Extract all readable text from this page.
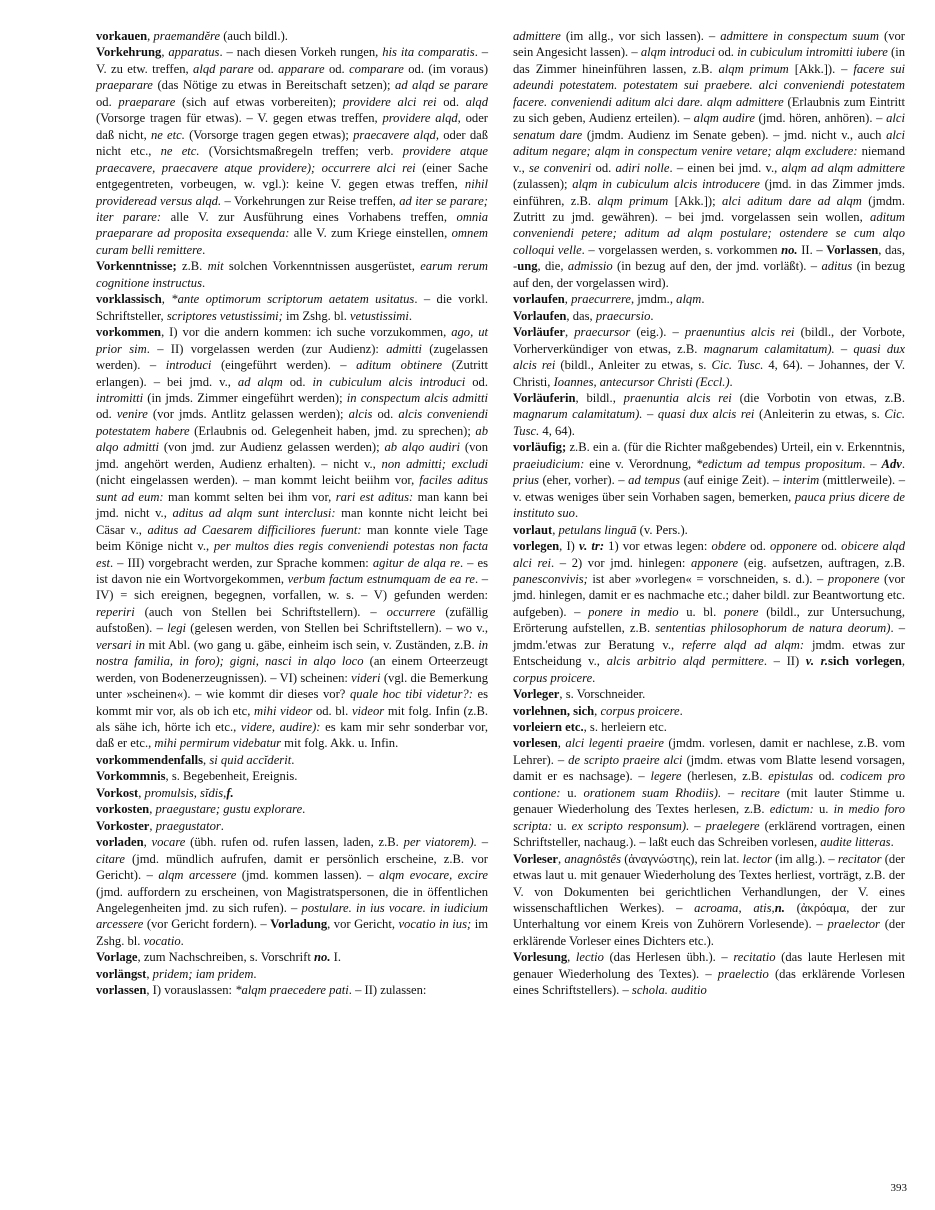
vorkauen, praemandĕre (auch bildl.).

Vorkehrung, apparatus. – nach diesen Vorkeh rungen, his ita comparatis. – V. zu etw. treffen, alqd parare od. apparare od. comparare od. (im voraus) praeparare (das Nötige zu etwas in Bereitschaft setzen); ad alqd se parare od. praeparare (sich auf etwas vorbereiten); providere alci rei od. alqd (Vorsorge tragen für etwas). – V. gegen etwas treffen, providere alqd, oder daß nicht, ne etc. (Vorsorge tragen gegen etwas); praecavere alqd, oder daß nicht etc., ne etc. (Vorsichtsmaßregeln treffen; verb. providere atque praecavere, praecavere atque providere); occurrere alci rei (einer Sache entgegentreten, vorbeugen, w. vgl.): keine V. gegen etwas treffen, nihil provideread versus alqd. – Vorkehrungen zur Reise treffen, ad iter se parare; iter parare: alle V. zur Ausführung eines Vorhabens treffen, omnia praeparare ad proposita exsequenda: alle V. zum Kriege einstellen, omnem curam belli remittere.

Vorkenntnisse; z.B. mit solchen Vorkenntnissen ausgerüstet, earum rerum cognitione instructus.

vorklassisch, *ante optimorum scriptorum aetatem usitatus. – die vorkl. Schriftsteller, scriptores vetustissimi; im Zshg. bl. vetustissimi.

vorkommen, I) vor die andern kommen: ich suche vorzukommen, ago, ut prior sim. – II) vorgelassen werden (zur Audienz): admitti (zugelassen werden). – introduci (eingeführt werden). – aditum obtinere (Zutritt erlangen). – bei jmd. v., ad alqm od. in cubiculum alcis introduci od. intromitti (in jmds. Zimmer eingeführt werden); in conspectum alcis admitti od. venire (vor jmds. Antlitz gelassen werden); alcis od. alcis conveniendi potestatem habere (Erlaubnis od. Gelegenheit haben, jmd. zu sprechen); ab alqo admitti (von jmd. zur Audienz gelassen werden); ab alqo audiri (von jmd. angehört werden, Audienz erhalten). – nicht v., non admitti; excludi (nicht eingelassen werden). – man kommt leicht beiihm vor, faciles aditus sunt ad eum: man kommt selten bei ihm vor, rari est aditus: man kann bei jmd. nicht v., aditus ad alqm sunt interclusi: man konnte nicht leicht bei Cäsar v., aditus ad Caesarem difficiliores fuerunt: man konnte viele Tage beim Könige nicht v., per multos dies regis conveniendi potestas non facta est. – III) vorgebracht werden, zur Sprache kommen: agitur de alqa re. – es ist davon nie ein Wortvorgekommen, verbum factum estnumquam de ea re. – IV) = sich ereignen, begegnen, vorfallen, w. s. – V) gefunden werden: reperiri (auch von Stellen bei Schriftstellern). – occurrere (zufällig aufstoßen). – legi (gelesen werden, von Stellen bei Schriftstellern). – wo v., versari in mit Abl. (wo gang u. gäbe, einheim isch sein, v. Zuständen, z.B. in nostra familia, in foro); gigni, nasci in alqo loco (an einem Orteerzeugt werden, von Bodenerzeugnissen). – VI) scheinen: videri (vgl. die Bemerkung unter »scheinen«). – wie kommt dir dieses vor? quale hoc tibi videtur?: es kommt mir vor, als ob ich etc, mihi videor od. bl. videor mit folg. Infin (z.B. als sähe ich, hörte ich etc., videre, audire): es kam mir sehr sonderbar vor, daß er etc., mihi permirum videbatur mit folg. Akk. u. Infin.

vorkommendenfalls, si quid accĭderit.

Vorkommnis, s. Begebenheit, Ereignis.

Vorkost, promulsis, sĭdis,f.

vorkosten, praegustare; gustu explorare.

Vorkoster, praegustator.

vorladen, vocare (übh. rufen od. rufen lassen, laden, z.B. per viatorem). – citare (jmd. mündlich aufrufen, damit er persönlich erscheine, z.B. vor Gericht). – alqm arcessere (jmd. kommen lassen). – alqm evocare, excire (jmd. auffordern zu erscheinen, von Magistratspersonen, die in öffentlichen Angelegenheiten jmd. zu sich rufen). – postulare. in ius vocare. in iudicium arcessere (vor Gericht fordern). – Vorladung, vor Gericht, vocatio in ius; im Zshg. bl. vocatio.

Vorlage, zum Nachschreiben, s. Vorschrift no. I.

vorlängst, pridem; iam pridem.

vorlassen, I) vorauslassen: *alqm praecedere pati. – II) zulassen:

admittere (im allg., vor sich lassen). – admittere in conspectum suum (vor sein Angesicht lassen). – alqm introduci od. in cubiculum intromitti iubere (in das Zimmer hineinführen lassen, z.B. alqm primum [Akk.]). – facere sui adeundi potestatem. potestatem sui praebere. alci conveniendi potestatem facere. conveniendi aditum alci dare. alqm admittere (Erlaubnis zum Eintritt zu sich geben, Audienz erteilen). – alqm audire (jmd. hören, anhören). – alci senatum dare (jmdm. Audienz im Senate geben). – jmd. nicht v., auch alci aditum negare; alqm in conspectum venire vetare; alqm excludere: niemand v., se conveniri od. adiri nolle. – einen bei jmd. v., alqm ad alqm admittere (zulassen); alqm in cubiculum alcis introducere (jmd. in das Zimmer jmds. einführen, z.B. alqm primum [Akk.]); alci aditum dare ad alqm (jmdm. Zutritt zu jmd. gewähren). – bei jmd. vorgelassen sein wollen, aditum conveniendi petere; aditum ad alqm postulare; ostendere se cum alqo colloqui velle. – vorgelassen werden, s. vorkommen no. II. – Vorlassen, das, -ung, die, admissio (in bezug auf den, der jmd. vorläßt). – aditus (in bezug auf den, der vorgelassen wird).

vorlaufen, praecurrere, jmdm., alqm.

Vorlaufen, das, praecursio.

Vorläufer, praecursor (eig.). – praenuntius alcis rei (bildl., der Vorbote, Vorherverkündiger von etwas, z.B. magnarum calamitatum). – quasi dux alcis rei (bildl., Anleiter zu etwas, s. Cic. Tusc. 4, 64). – Johannes, der V. Christi, Ioannes, antecursor Christi (Eccl.).

Vorläuferin, bildl., praenuntia alcis rei (die Vorbotin von etwas, z.B. magnarum calamitatum). – quasi dux alcis rei (Anleiterin zu etwas, s. Cic. Tusc. 4, 64).

vorläufig; z.B. ein a. (für die Richter maßgebendes) Urteil, ein v. Erkenntnis, praeiudicium: eine v. Verordnung, *edictum ad tempus propositum. – Adv. prius (eher, vorher). – ad tempus (auf einige Zeit). – interim (mittlerweile). – v. etwas weniges über sein Vorhaben sagen, bemerken, pauca prius dicere de instituto suo.

vorlaut, petulans linguā (v. Pers.).

vorlegen, I) v. tr: 1) vor etwas legen: obdere od. opponere od. obicere alqd alci rei. – 2) vor jmd. hinlegen: apponere (eig. aufsetzen, auftragen, z.B. panesconvivis; ist aber »vorlegen« = vorschneiden, s. d.). – proponere (vor jmd. hinlegen, damit er es nachmache etc.; daher bildl. zur Beantwortung etc. aufgeben). – ponere in medio u. bl. ponere (bildl., zur Untersuchung, Erörterung aufstellen, z.B. sententias philosophorum de natura deorum). – jmdm.'etwas zur Beratung v., referre alqd ad alqm: jmdm. etwas zur Entscheidung v., alcis arbitrio alqd permittere. – II) v. r.sich vorlegen, corpus proicere.

Vorleger, s. Vorschneider.

vorlehnen, sich, corpus proicere.

vorleiern etc., s. herleiern etc.

vorlesen, alci legenti praeire (jmdm. vorlesen, damit er nachlese, z.B. vom Lehrer). – de scripto praeire alci (jmdm. etwas vom Blatte lesend vorsagen, damit er es nachsage). – legere (herlesen, z.B. epistulas od. codicem pro contione: u. orationem suam Rhodiis). – recitare (mit lauter Stimme u. genauer Wiederholung des Textes herlesen, z.B. edictum: u. in medio foro scripta: u. ex scripto responsum). – praelegere (erklärend vortragen, einen Schriftsteller, nachaug.). – laßt euch das Schreiben vorlesen, audite litteras.

Vorleser, anagnôstês (ἀναγνώστης), rein lat. lector (im allg.). – recitator (der etwas laut u. mit genauer Wiederholung des Textes herliest, vorträgt, z.B. der V. von Dokumenten bei gerichtlichen Verhandlungen, der V. eines wissenschaftlichen Werkes). – acroama, atis,n. (ἀκρόαμα, der zur Unterhaltung vor einem Kreis von Zuhörern Vorlesende). – praelector (der erklärende Vorleser eines Dichters etc.).

Vorlesung, lectio (das Herlesen übh.). – recitatio (das laute Herlesen mit genauer Wiederholung des Textes). – praelectio (das erklärende Vorlesen eines Schriftstellers). – schola. auditio

393
